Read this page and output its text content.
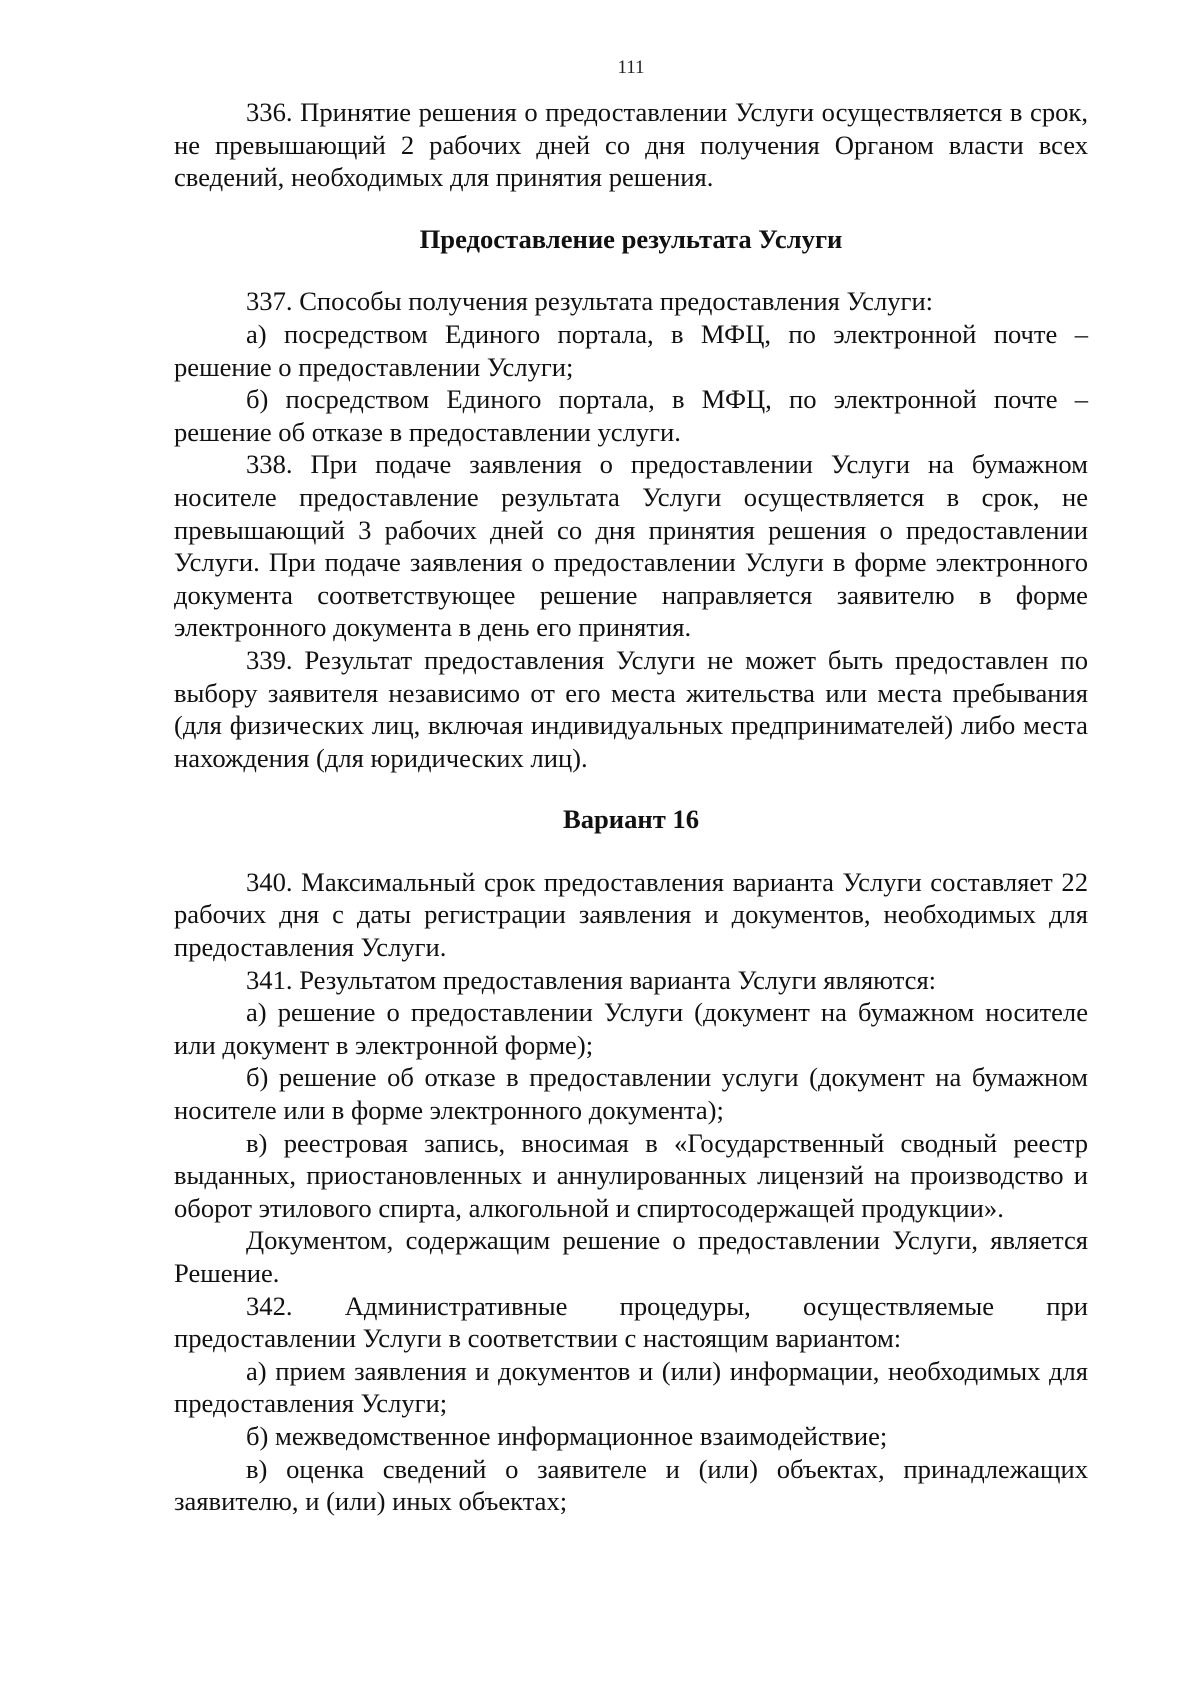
111

336. Принятие решения о предоставлении Услуги осуществляется в срок, не превышающий 2 рабочих дней со дня получения Органом власти всех сведений, необходимых для принятия решения.

Предоставление результата Услуги

337. Способы получения результата предоставления Услуги:

а) посредством Единого портала, в МФЦ, по электронной почте – решение о предоставлении Услуги;

б) посредством Единого портала, в МФЦ, по электронной почте – решение об отказе в предоставлении услуги.

338. При подаче заявления о предоставлении Услуги на бумажном носителе предоставление результата Услуги осуществляется в срок, не превышающий 3 рабочих дней со дня принятия решения о предоставлении Услуги. При подаче заявления о предоставлении Услуги в форме электронного документа соответствующее решение направляется заявителю в форме электронного документа в день его принятия.

339. Результат предоставления Услуги не может быть предоставлен по выбору заявителя независимо от его места жительства или места пребывания (для физических лиц, включая индивидуальных предпринимателей) либо места нахождения (для юридических лиц).

Вариант 16

340. Максимальный срок предоставления варианта Услуги составляет 22 рабочих дня с даты регистрации заявления и документов, необходимых для предоставления Услуги.

341. Результатом предоставления варианта Услуги являются:

а) решение о предоставлении Услуги (документ на бумажном носителе или документ в электронной форме);

б) решение об отказе в предоставлении услуги (документ на бумажном носителе или в форме электронного документа);

в) реестровая запись, вносимая в «Государственный сводный реестр выданных, приостановленных и аннулированных лицензий на производство и оборот этилового спирта, алкогольной и спиртосодержащей продукции».

Документом, содержащим решение о предоставлении Услуги, является Решение.

342. Административные процедуры, осуществляемые при предоставлении Услуги в соответствии с настоящим вариантом:

а) прием заявления и документов и (или) информации, необходимых для предоставления Услуги;

б) межведомственное информационное взаимодействие;

в) оценка сведений о заявителе и (или) объектах, принадлежащих заявителю, и (или) иных объектах;
